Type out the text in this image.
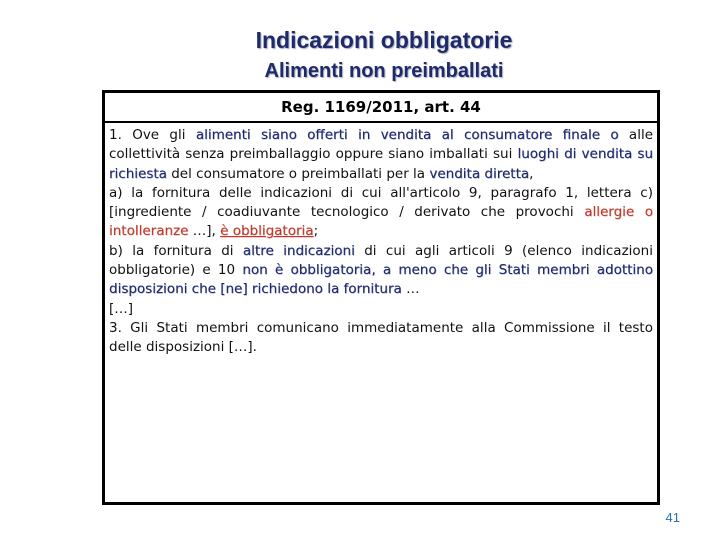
Indicazioni obbligatorie
Alimenti non preimballati
Reg. 1169/2011, art. 44

1. Ove gli alimenti siano offerti in vendita al consumatore finale o alle collettività senza preimballaggio oppure siano imballati sui luoghi di vendita su richiesta del consumatore o preimballati per la vendita diretta,

a) la fornitura delle indicazioni di cui all'articolo 9, paragrafo 1, lettera c) [ingrediente / coadiuvante tecnologico / derivato che provochi allergie o intolleranze …], è obbligatoria;

b) la fornitura di altre indicazioni di cui agli articoli 9 (elenco indicazioni obbligatorie) e 10 non è obbligatoria, a meno che gli Stati membri adottino disposizioni che [ne] richiedono la fornitura …

[…]

3. Gli Stati membri comunicano immediatamente alla Commissione il testo delle disposizioni […].

41
